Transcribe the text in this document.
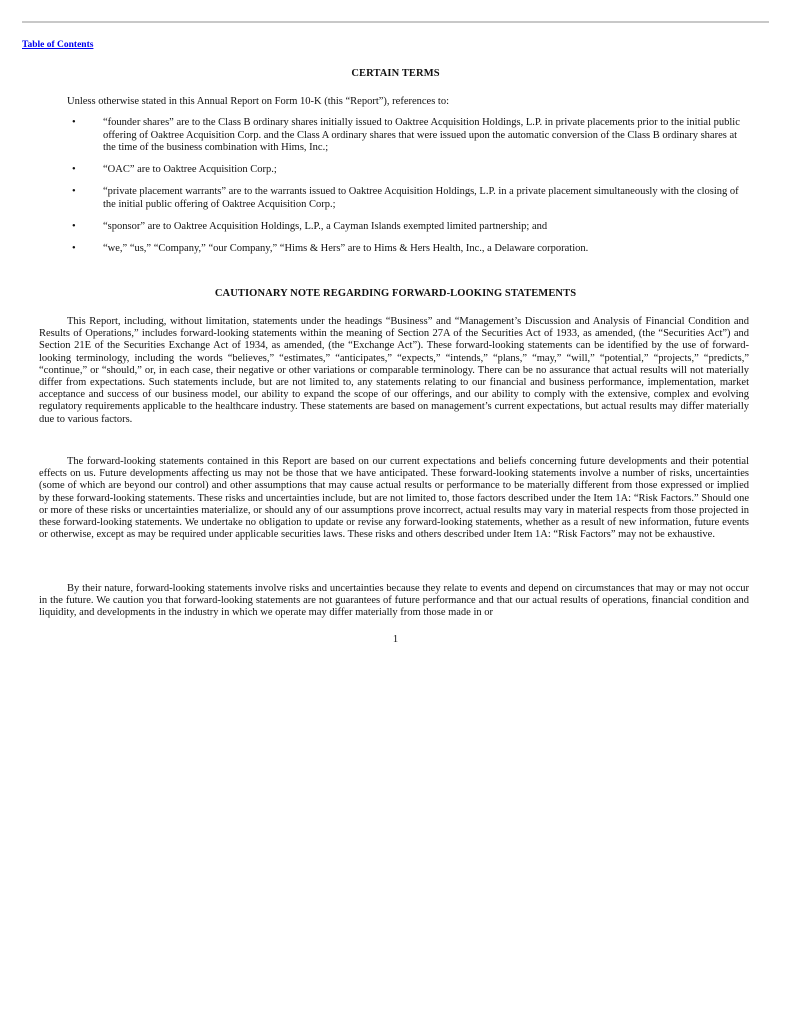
Table of Contents
CERTAIN TERMS
Unless otherwise stated in this Annual Report on Form 10-K (this “Report”), references to:
•	“founder shares” are to the Class B ordinary shares initially issued to Oaktree Acquisition Holdings, L.P. in private placements prior to the initial public offering of Oaktree Acquisition Corp. and the Class A ordinary shares that were issued upon the automatic conversion of the Class B ordinary shares at the time of the business combination with Hims, Inc.;
•	“OAC” are to Oaktree Acquisition Corp.;
•	“private placement warrants” are to the warrants issued to Oaktree Acquisition Holdings, L.P. in a private placement simultaneously with the closing of the initial public offering of Oaktree Acquisition Corp.;
•	“sponsor” are to Oaktree Acquisition Holdings, L.P., a Cayman Islands exempted limited partnership; and
•	“we,” “us,” “Company,” “our Company,” “Hims & Hers” are to Hims & Hers Health, Inc., a Delaware corporation.
CAUTIONARY NOTE REGARDING FORWARD-LOOKING STATEMENTS

This Report, including, without limitation, statements under the headings “Business” and “Management’s Discussion and Analysis of Financial Condition and Results of Operations,” includes forward-looking statements within the meaning of Section 27A of the Securities Act of 1933, as amended, (the “Securities Act”) and Section 21E of the Securities Exchange Act of 1934, as amended, (the “Exchange Act”). These forward-looking statements can be identified by the use of forward-looking terminology, including the words “believes,” “estimates,” “anticipates,” “expects,” “intends,” “plans,” “may,” “will,” “potential,” “projects,” “predicts,” “continue,” or “should,” or, in each case, their negative or other variations or comparable terminology. There can be no assurance that actual results will not materially differ from expectations. Such statements include, but are not limited to, any statements relating to our financial and business performance, implementation, market acceptance and success of our business model, our ability to expand the scope of our offerings, and our ability to comply with the extensive, complex and evolving regulatory requirements applicable to the healthcare industry. These statements are based on management’s current expectations, but actual results may differ materially due to various factors.

The forward-looking statements contained in this Report are based on our current expectations and beliefs concerning future developments and their potential effects on us. Future developments affecting us may not be those that we have anticipated. These forward-looking statements involve a number of risks, uncertainties (some of which are beyond our control) and other assumptions that may cause actual results or performance to be materially different from those expressed or implied by these forward-looking statements. These risks and uncertainties include, but are not limited to, those factors described under the Item 1A: “Risk Factors.” Should one or more of these risks or uncertainties materialize, or should any of our assumptions prove incorrect, actual results may vary in material respects from those projected in these forward-looking statements. We undertake no obligation to update or revise any forward-looking statements, whether as a result of new information, future events or otherwise, except as may be required under applicable securities laws. These risks and others described under Item 1A: “Risk Factors” may not be exhaustive.

By their nature, forward-looking statements involve risks and uncertainties because they relate to events and depend on circumstances that may or may not occur in the future. We caution you that forward-looking statements are not guarantees of future performance and that our actual results of operations, financial condition and liquidity, and developments in the industry in which we operate may differ materially from those made in or

1
